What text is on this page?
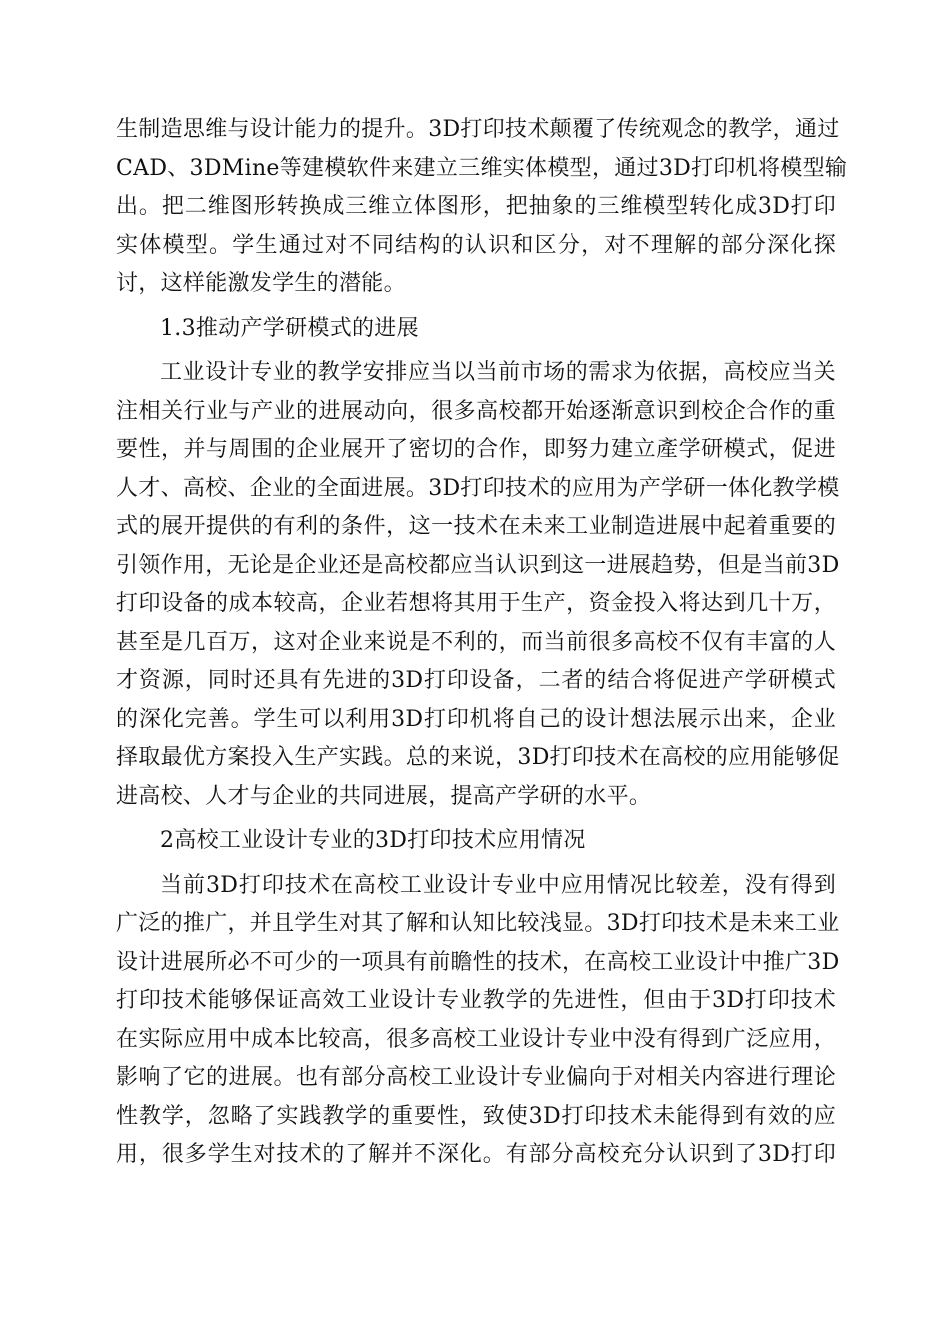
生制造思维与设计能力的提升。3D打印技术颠覆了传统观念的教学，通过
CAD、3DMine等建模软件来建立三维实体模型，通过3D打印机将模型输
出。把二维图形转换成三维立体图形，把抽象的三维模型转化成3D打印
实体模型。学生通过对不同结构的认识和区分，对不理解的部分深化探
讨，这样能激发学生的潜能。
1.3推动产学研模式的进展
工业设计专业的教学安排应当以当前市场的需求为依据，高校应当关
注相关行业与产业的进展动向，很多高校都开始逐渐意识到校企合作的重
要性，并与周围的企业展开了密切的合作，即努力建立產学研模式，促进
人才、高校、企业的全面进展。3D打印技术的应用为产学研一体化教学模
式的展开提供的有利的条件，这一技术在未来工业制造进展中起着重要的
引领作用，无论是企业还是高校都应当认识到这一进展趋势，但是当前3D
打印设备的成本较高，企业若想将其用于生产，资金投入将达到几十万，
甚至是几百万，这对企业来说是不利的，而当前很多高校不仅有丰富的人
才资源，同时还具有先进的3D打印设备，二者的结合将促进产学研模式
的深化完善。学生可以利用3D打印机将自己的设计想法展示出来，企业
择取最优方案投入生产实践。总的来说，3D打印技术在高校的应用能够促
进高校、人才与企业的共同进展，提高产学研的水平。
2高校工业设计专业的3D打印技术应用情况
当前3D打印技术在高校工业设计专业中应用情况比较差，没有得到
广泛的推广，并且学生对其了解和认知比较浅显。3D打印技术是未来工业
设计进展所必不可少的一项具有前瞻性的技术，在高校工业设计中推广3D
打印技术能够保证高效工业设计专业教学的先进性，但由于3D打印技术
在实际应用中成本比较高，很多高校工业设计专业中没有得到广泛应用，
影响了它的进展。也有部分高校工业设计专业偏向于对相关内容进行理论
性教学，忽略了实践教学的重要性，致使3D打印技术未能得到有效的应
用，很多学生对技术的了解并不深化。有部分高校充分认识到了3D打印
